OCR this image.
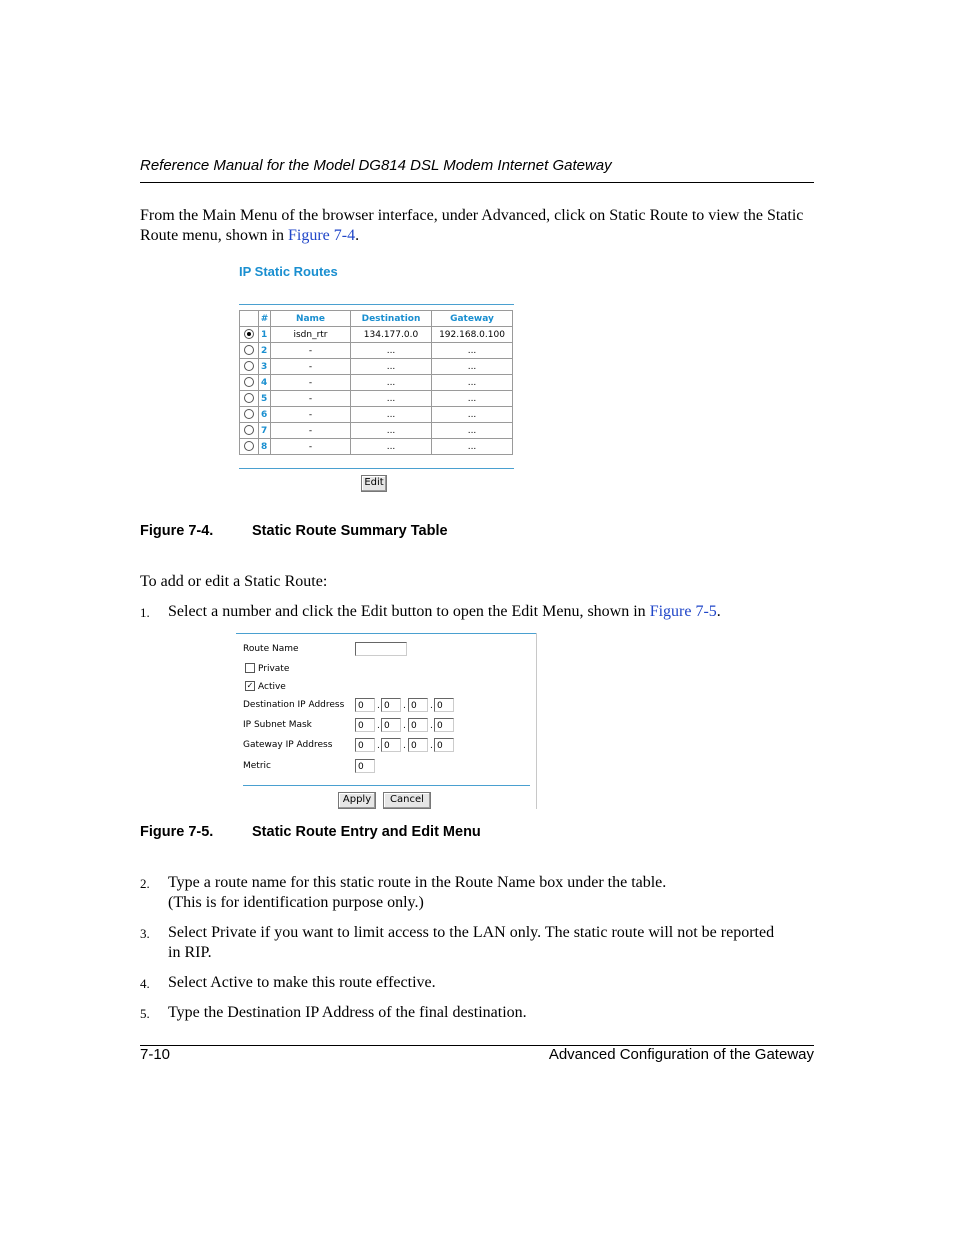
Reference Manual for the Model DG814 DSL Modem Internet Gateway
From the Main Menu of the browser interface, under Advanced, click on Static Route to view the Static Route menu, shown in Figure 7-4.
IP Static Routes
	#	Name	Destination	Gateway
	1	isdn_rtr	134.177.0.0	192.168.0.100
	2	-	...	...
	3	-	...	...
	4	-	...	...
	5	-	...	...
	6	-	...	...
	7	-	...	...
	8	-	...	...
Edit
Figure 7-4.	Static Route Summary Table
To add or edit a Static Route:
1. Select a number and click the Edit button to open the Edit Menu, shown in Figure 7-5.
Route Name
Private
✓ Active
Destination IP Address	0	. 0	. 0	. 0
IP Subnet Mask	0	. 0	. 0	. 0
Gateway IP Address	0	. 0	. 0	. 0
Metric	0
Apply	Cancel
Figure 7-5.	Static Route Entry and Edit Menu
2. Type a route name for this static route in the Route Name box under the table.
(This is for identification purpose only.)
3. Select Private if you want to limit access to the LAN only. The static route will not be reported
in RIP.
4. Select Active to make this route effective.
5. Type the Destination IP Address of the final destination.
7-10	Advanced Configuration of the Gateway
